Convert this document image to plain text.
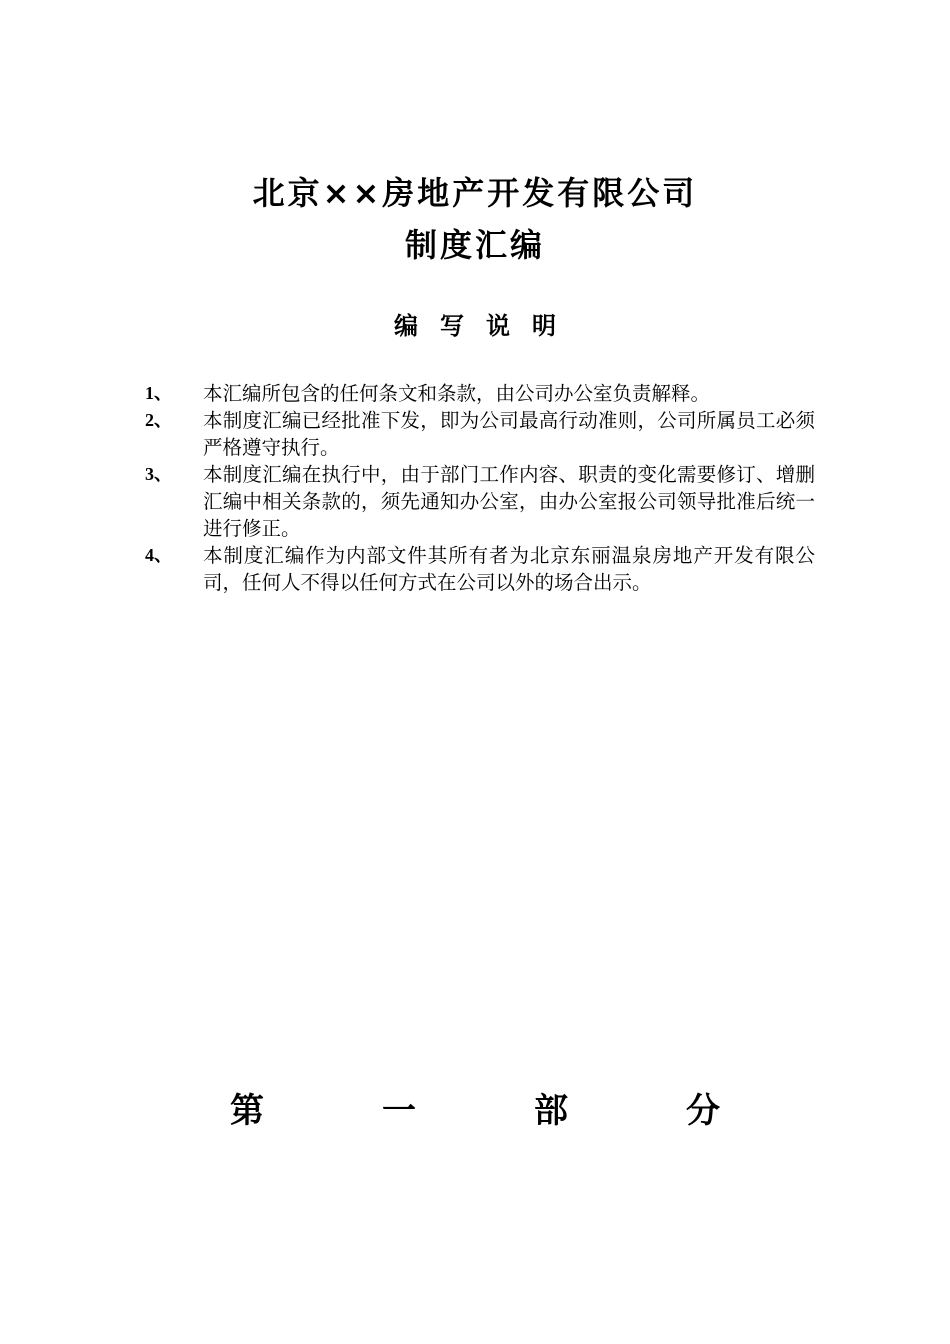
北京××房地产开发有限公司
制度汇编
编写说明
1、	本汇编所包含的任何条文和条款，由公司办公室负责解释。
2、	本制度汇编已经批准下发，即为公司最高行动准则，公司所属员工必须严格遵守执行。
3、	本制度汇编在执行中，由于部门工作内容、职责的变化需要修订、增删汇编中相关条款的，须先通知办公室，由办公室报公司领导批准后统一进行修正。
4、	本制度汇编作为内部文件其所有者为北京东丽温泉房地产开发有限公司，任何人不得以任何方式在公司以外的场合出示。
第	一	部	分
